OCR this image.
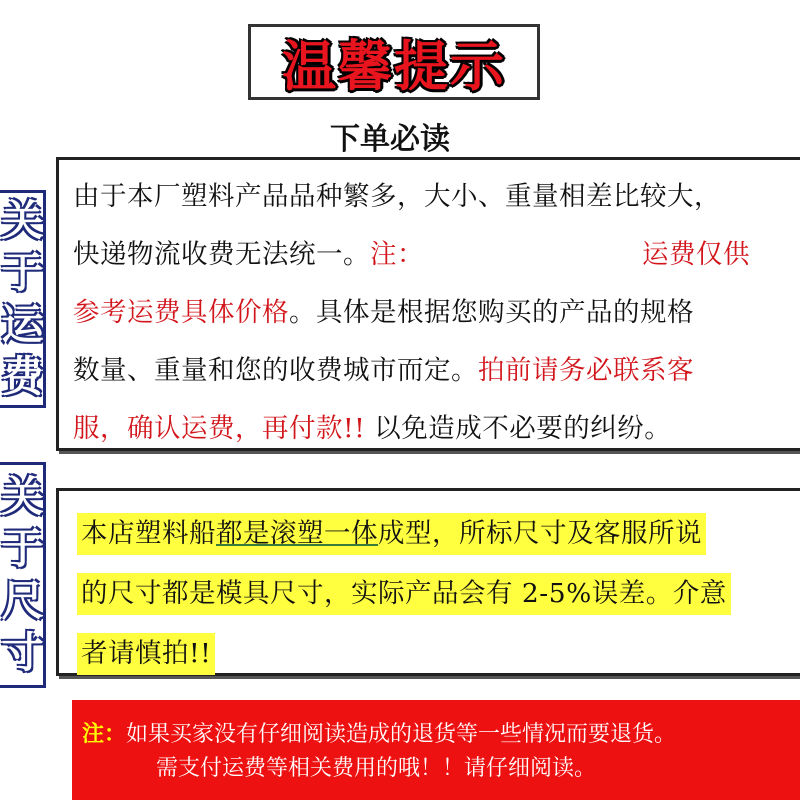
温馨提示
下单必读
关
于
运
费
由于本厂塑料产品品种繁多，大小、重量相差比较大，
快递物流收费无法统一。注：	运费仅供
参考运费具体价格。具体是根据您购买的产品的规格
数量、重量和您的收费城市而定。拍前请务必联系客
服，确认运费，再付款!! 以免造成不必要的纠纷。
关
于
尺
寸
本店塑料船都是滚塑一体成型，所标尺寸及客服所说
的尺寸都是模具尺寸，实际产品会有 2-5%误差。介意
者请慎拍!!
注：如果买家没有仔细阅读造成的退货等一些情况而要退货。
需支付运费等相关费用的哦！！请仔细阅读。
